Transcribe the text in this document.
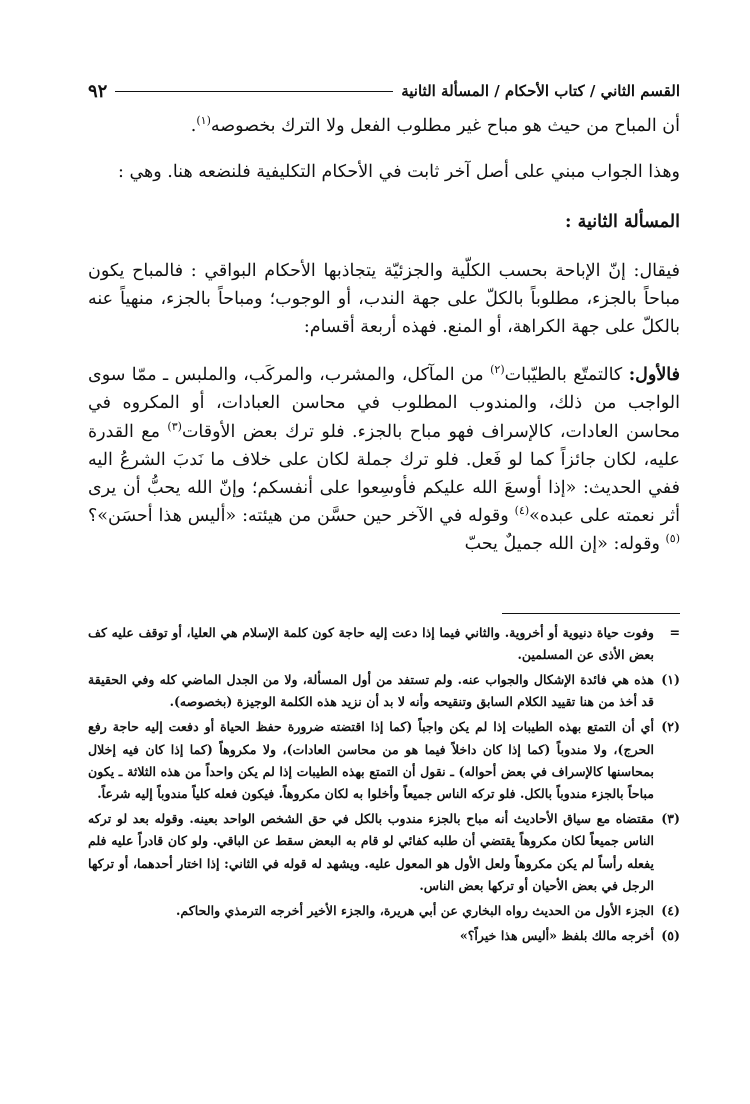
القسم الثاني / كتاب الأحكام / المسألة الثانية
٩٢

أن المباح من حيث هو مباح غير مطلوب الفعل ولا الترك بخصوصه$^{(١)}$.

وهذا الجواب مبني على أصل آخر ثابت في الأحكام التكليفية فلنضعه هنا. وهي :

المسألة الثانية :

فيقال: إنّ الإباحة بحسب الكلّية والجزئيّة يتجاذبها الأحكام البواقي : فالمباح يكون مباحاً بالجزء، مطلوباً بالكلّ على جهة الندب، أو الوجوب؛ ومباحاً بالجزء، منهياً عنه بالكلّ على جهة الكراهة، أو المنع. فهذه أربعة أقسام:

فالأول: كالتمتّع بالطيّبات$^{(٢)}$ من المآكل، والمشرب، والمركَب، والملبس ـ ممّا سوى الواجب من ذلك، والمندوب المطلوب في محاسن العبادات، أو المكروه في محاسن العادات، كالإسراف فهو مباح بالجزء. فلو ترك بعض الأوقات$^{(٣)}$ مع القدرة عليه، لكان جائزاً كما لو فَعل. فلو ترك جملة لكان على خلاف ما نَدبَ الشرعُ اليه ففي الحديث: «إذا أوسعَ الله عليكم فأوسِعوا على أنفسكم؛ وإنّ الله يحبُّ أن يرى أثر نعمته على عبده»$^{(٤)}$ وقوله في الآخر حين حسَّن من هيئته: «أليس هذا أحسَن»؟$^{(٥)}$ وقوله: «إن الله جميلٌ يحبّ

=
وفوت حياة دنيوية أو أخروية. والثاني فيما إذا دعت إليه حاجة كون كلمة الإسلام هي العليا، أو توقف عليه كف بعض الأذى عن المسلمين.
(١)
هذه هي فائدة الإشكال والجواب عنه. ولم تستفد من أول المسألة، ولا من الجدل الماضي كله وفي الحقيقة قد أخذ من هنا تقييد الكلام السابق وتنقيحه وأنه لا بد أن نزيد هذه الكلمة الوجيزة (بخصوصه).
(٢)
أي أن التمتع بهذه الطيبات إذا لم يكن واجباً (كما إذا اقتضته ضرورة حفظ الحياة أو دفعت إليه حاجة رفع الحرج)، ولا مندوباً (كما إذا كان داخلاً فيما هو من محاسن العادات)، ولا مكروهاً (كما إذا كان فيه إخلال بمحاسنها كالإسراف في بعض أحواله) ـ نقول أن التمتع بهذه الطيبات إذا لم يكن واحداً من هذه الثلاثة ـ يكون مباحاً بالجزء مندوباً بالكل. فلو تركه الناس جميعاً وأخلوا به لكان مكروهاً. فيكون فعله كلياً مندوباً إليه شرعاً.
(٣)
مقتضاه مع سياق الأحاديث أنه مباح بالجزء مندوب بالكل في حق الشخص الواحد بعينه. وقوله بعد لو تركه الناس جميعاً لكان مكروهاً يقتضي أن طلبه كفائي لو قام به البعض سقط عن الباقي. ولو كان قادراً عليه فلم يفعله رأساً لم يكن مكروهاً ولعل الأول هو المعول عليه. ويشهد له قوله في الثاني: إذا اختار أحدهما، أو تركها الرجل في بعض الأحيان أو تركها بعض الناس.
(٤)
الجزء الأول من الحديث رواه البخاري عن أبي هريرة، والجزء الأخير أخرجه الترمذي والحاكم.
(٥)
أخرجه مالك بلفظ «أليس هذا خيراً؟»
